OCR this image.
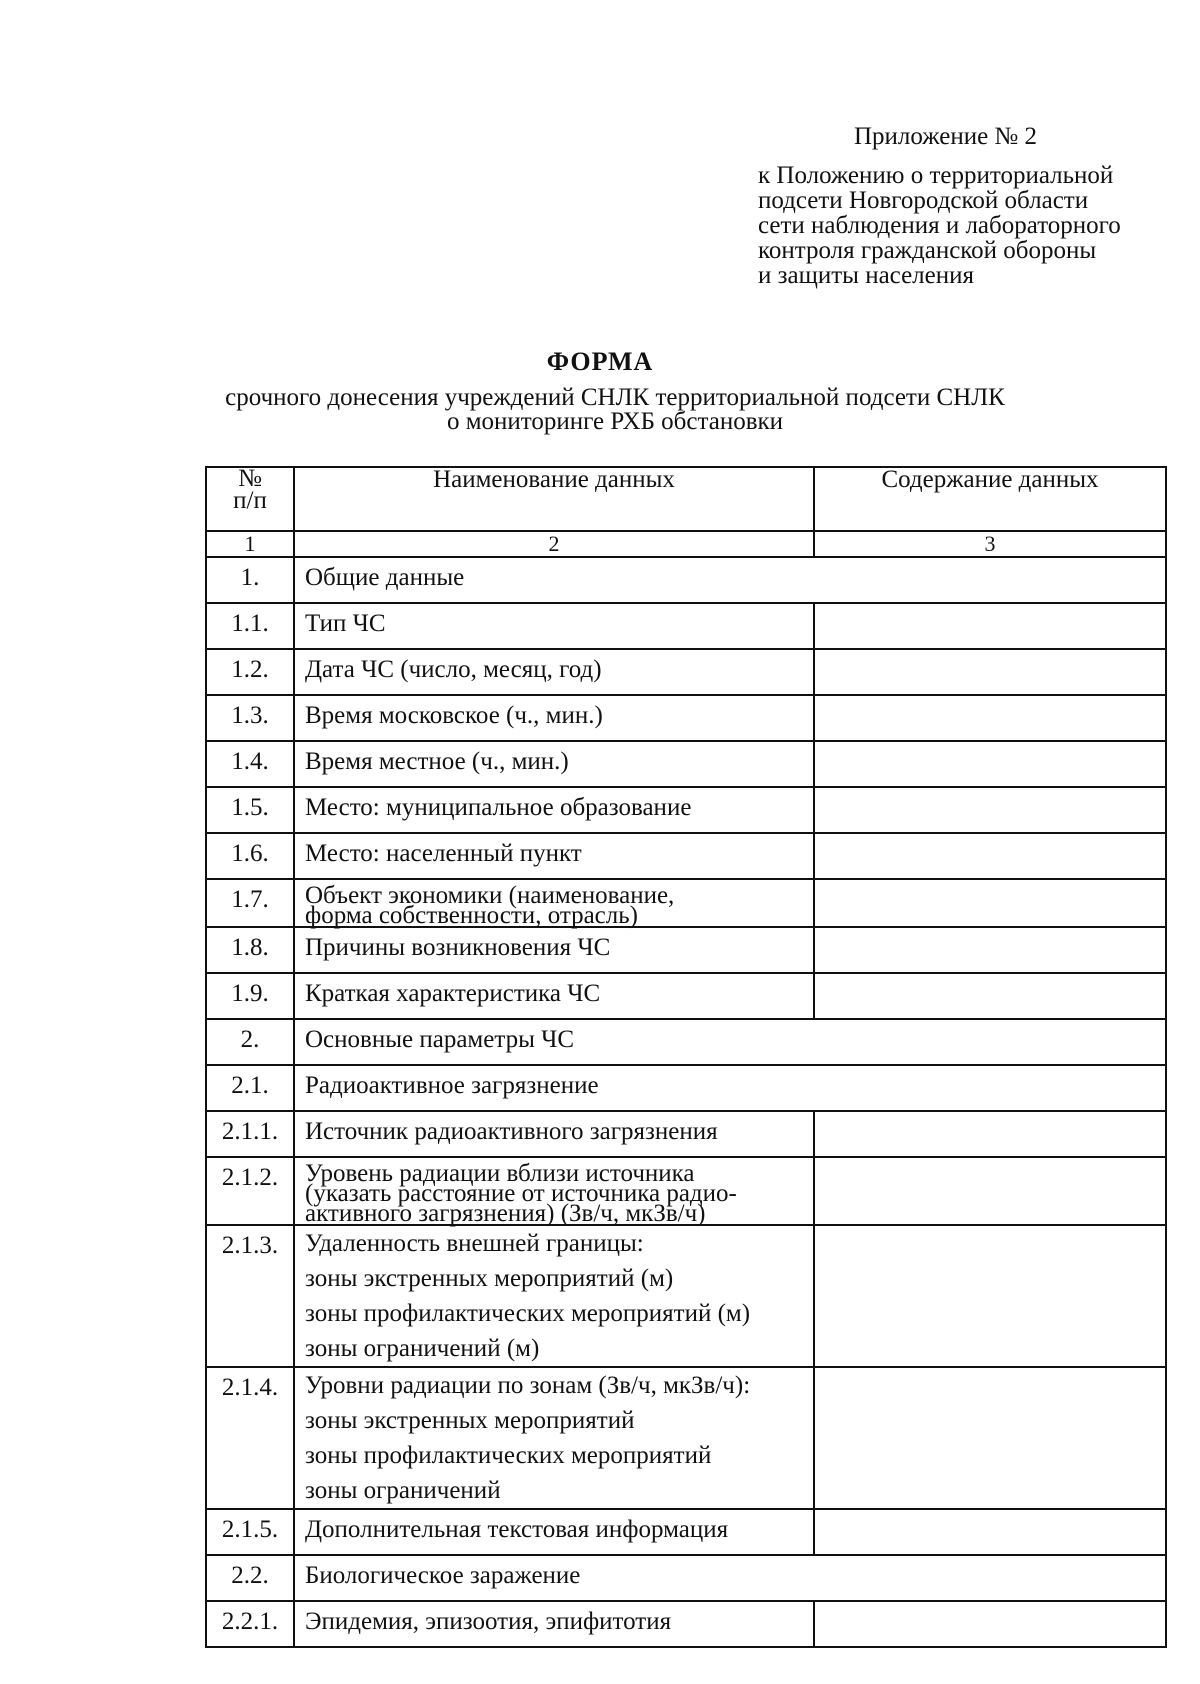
Приложение № 2
к Положению о территориальной
подсети Новгородской области
сети наблюдения и лабораторного
контроля гражданской обороны
и защиты населения
ФОРМА
срочного донесения учреждений СНЛК территориальной подсети СНЛК
о мониторинге РХБ обстановки
№
п/п	Наименование данных	Содержание данных
1	2	3
1.	Общие данные	

1.1.	Тип ЧС	

1.2.	Дата ЧС (число, месяц, год)	

1.3.	Время московское (ч., мин.)	

1.4.	Время местное (ч., мин.)	

1.5.	Место: муниципальное образование	

1.6.	Место: населенный пункт	

1.7.	Объект экономики (наименование,
форма собственности, отрасль)	

1.8.	Причины возникновения ЧС	

1.9.	Краткая характеристика ЧС	

2.	Основные параметры ЧС	

2.1.	Радиоактивное загрязнение	

2.1.1.	Источник радиоактивного загрязнения	

2.1.2.	Уровень радиации вблизи источника
(указать расстояние от источника радио-
активного загрязнения) (Зв/ч, мкЗв/ч)	

2.1.3.	Удаленность внешней границы:
зоны экстренных мероприятий (м)
зоны профилактических мероприятий (м)
зоны ограничений (м)	

2.1.4.	Уровни радиации по зонам (Зв/ч, мкЗв/ч):
зоны экстренных мероприятий
зоны профилактических мероприятий
зоны ограничений	

2.1.5.	Дополнительная текстовая информация	

2.2.	Биологическое заражение	

2.2.1.	Эпидемия, эпизоотия, эпифитотия	
